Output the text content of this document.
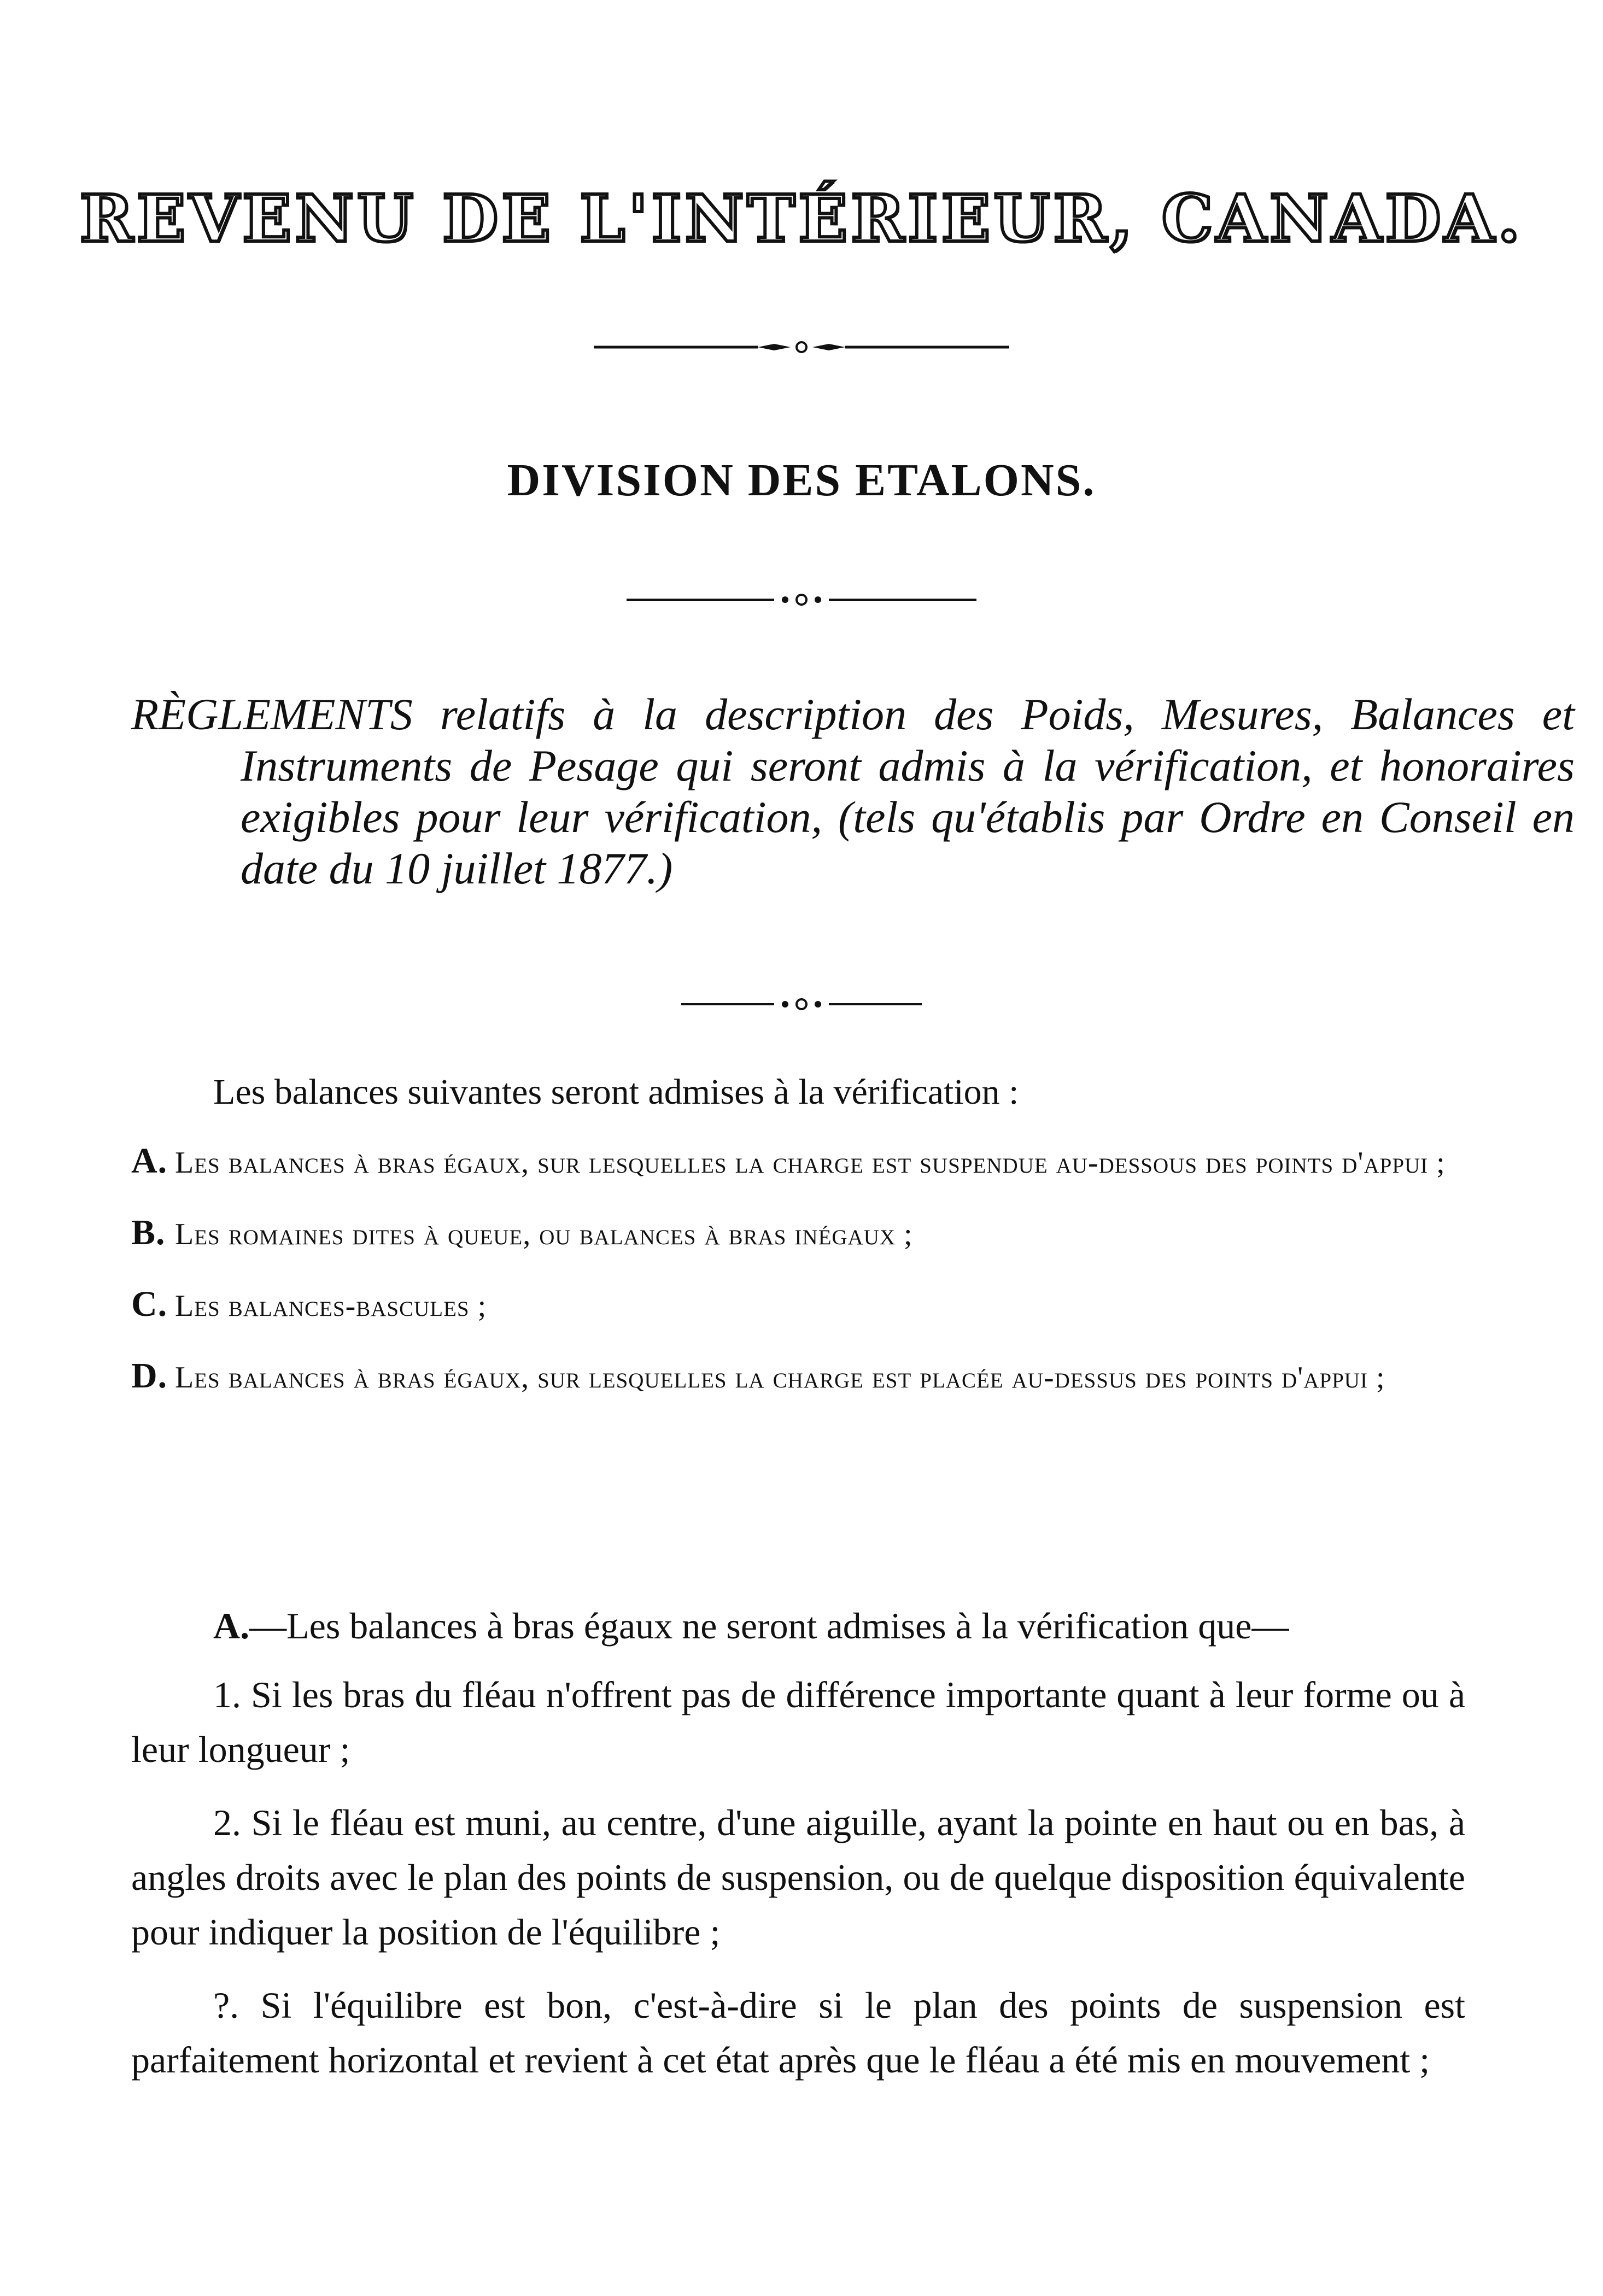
REVENU DE L'INTÉRIEUR, CANADA.
DIVISION DES ETALONS.
RÈGLEMENTS relatifs à la description des Poids, Mesures, Balances et Instruments de Pesage qui seront admis à la vérification, et honoraires exigibles pour leur vérification, (tels qu'établis par Ordre en Conseil en date du 10 juillet 1877.)
Les balances suivantes seront admises à la vérification :
A. Les balances à bras égaux, sur lesquelles la charge est suspendue au-dessous des points d'appui ;
B. Les romaines dites à queue, ou balances à bras inégaux ;
C. Les balances-bascules ;
D. Les balances à bras égaux, sur lesquelles la charge est placée au-dessus des points d'appui ;
A.—Les balances à bras égaux ne seront admises à la vérification que—
1. Si les bras du fléau n'offrent pas de différence importante quant à leur forme ou à leur longueur ;
2. Si le fléau est muni, au centre, d'une aiguille, ayant la pointe en haut ou en bas, à angles droits avec le plan des points de suspension, ou de quelque disposition équivalente pour indiquer la position de l'équilibre ;
?. Si l'équilibre est bon, c'est-à-dire si le plan des points de suspension est parfaitement horizontal et revient à cet état après que le fléau a été mis en mouvement ;
